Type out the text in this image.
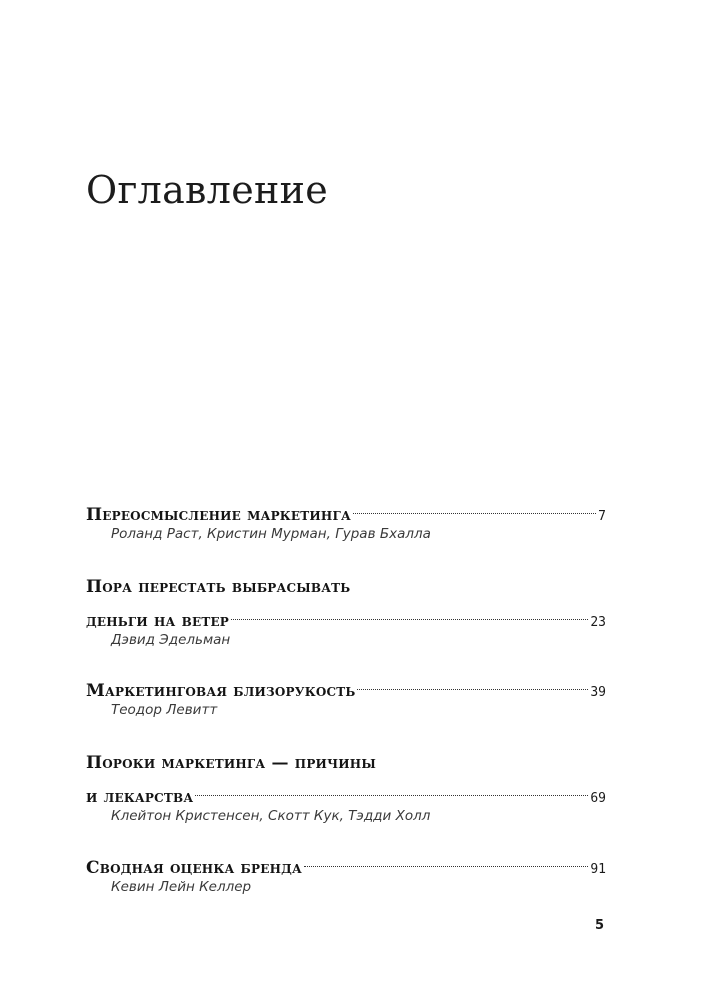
Оглавление
Переосмысление маркетинга	7
Роланд Раст, Кристин Мурман, Гурав Бхалла
Пора перестать выбрасывать
деньги на ветер	23
Дэвид Эдельман
Маркетинговая близорукость	39
Теодор Левитт
Пороки маркетинга — причины
и лекарства	69
Клейтон Кристенсен, Скотт Кук, Тэдди Холл
Сводная оценка бренда	91
Кевин Лейн Келлер
5
